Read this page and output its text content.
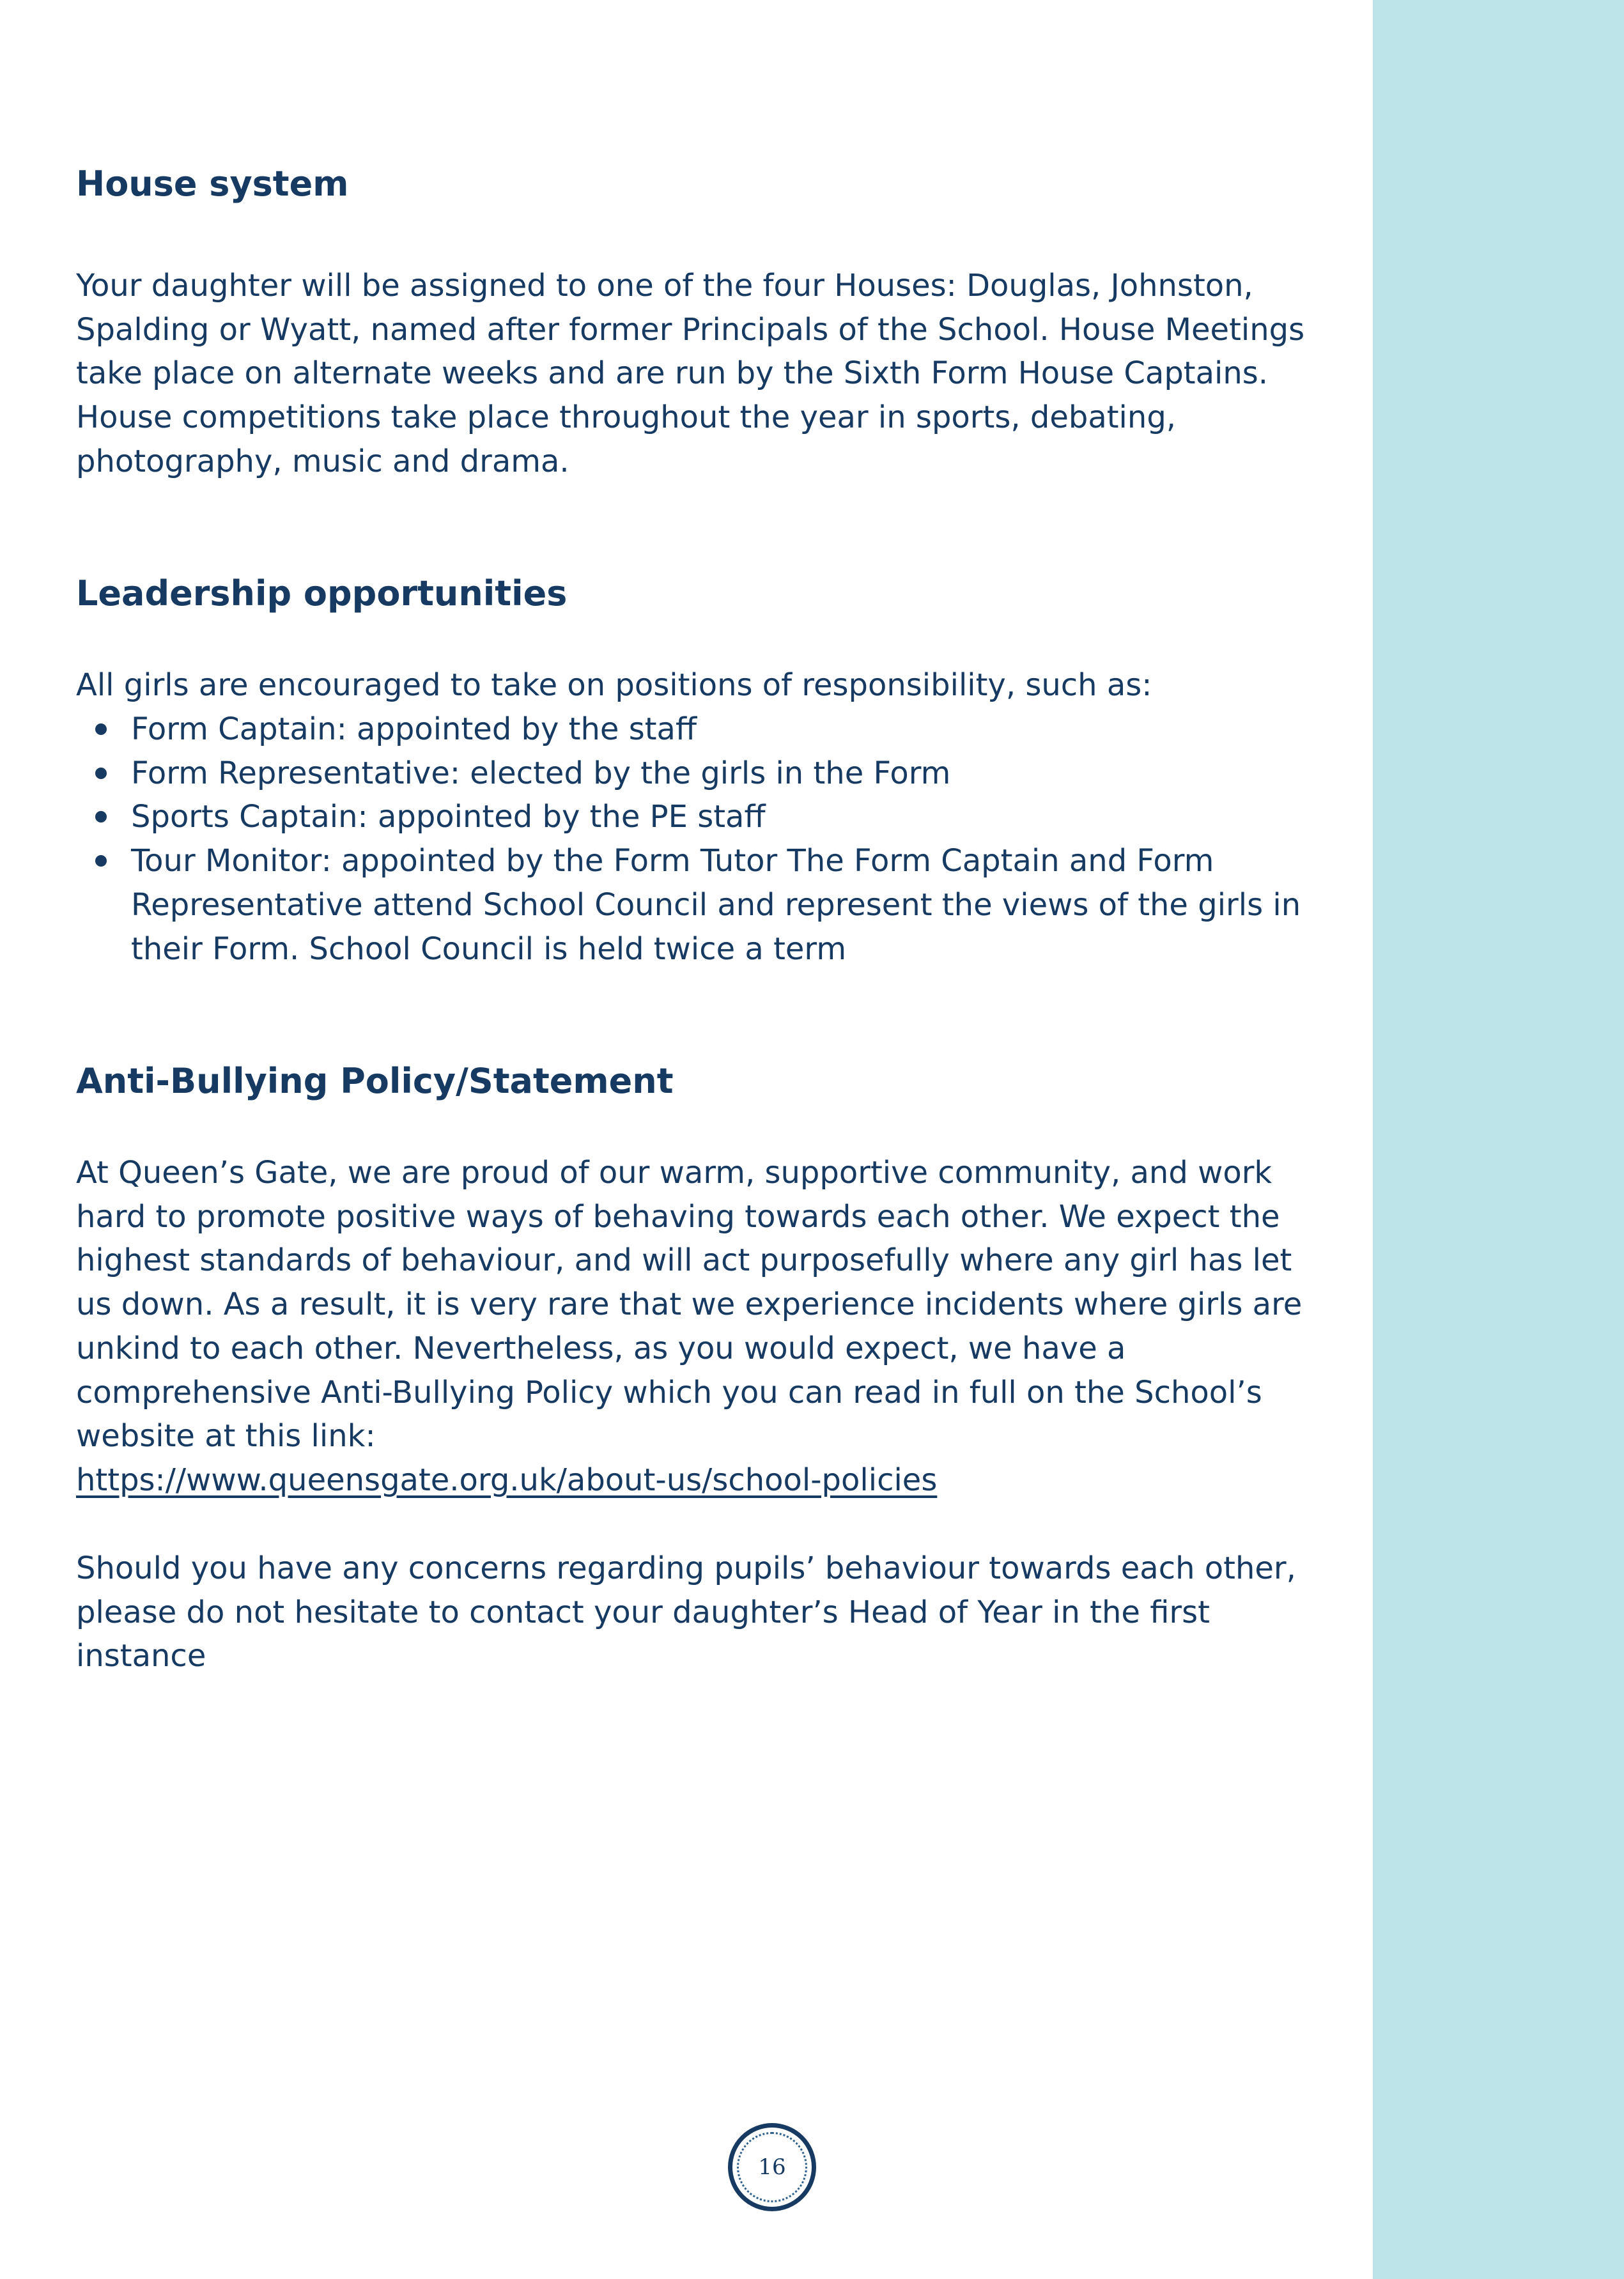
House system

Your daughter will be assigned to one of the four Houses: Douglas, Johnston, Spalding or Wyatt, named after former Principals of the School. House Meetings take place on alternate weeks and are run by the Sixth Form House Captains. House competitions take place throughout the year in sports, debating, photography, music and drama.

Leadership opportunities

All girls are encouraged to take on positions of responsibility, such as:

Form Captain: appointed by the staff
Form Representative: elected by the girls in the Form
Sports Captain: appointed by the PE staff
Tour Monitor: appointed by the Form Tutor The Form Captain and Form Representative attend School Council and represent the views of the girls in their Form. School Council is held twice a term
Anti-Bullying Policy/Statement

At Queen’s Gate, we are proud of our warm, supportive community, and work hard to promote positive ways of behaving towards each other. We expect the highest standards of behaviour, and will act purposefully where any girl has let us down. As a result, it is very rare that we experience incidents where girls are unkind to each other. Nevertheless, as you would expect, we have a comprehensive Anti-Bullying Policy which you can read in full on the School’s website at this link:

https://www.queensgate.org.uk/about-us/school-policies

Should you have any concerns regarding pupils’ behaviour towards each other, please do not hesitate to contact your daughter’s Head of Year in the first instance

16
